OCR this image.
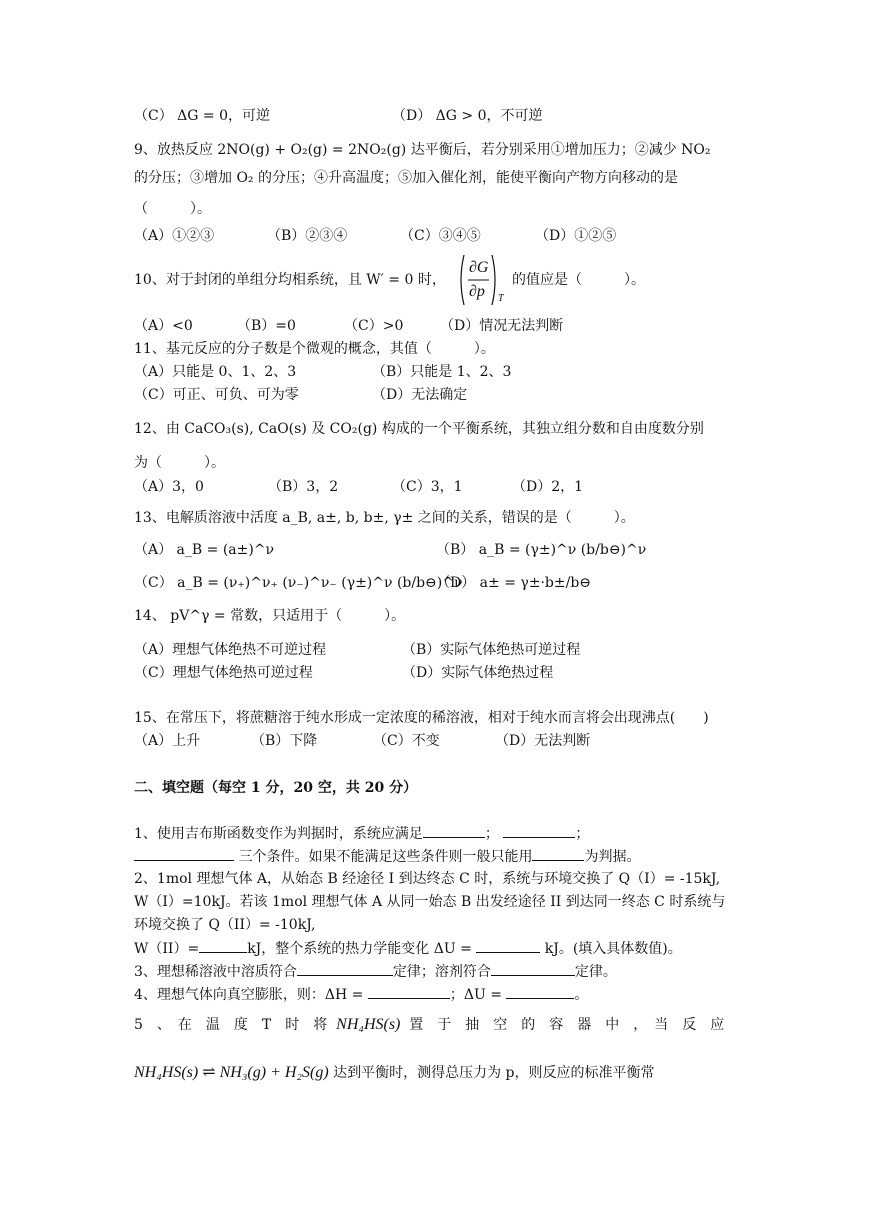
（C） ΔG = 0，可逆	（D） ΔG > 0，不可逆
9、放热反应 2NO(g) + O₂(g) = 2NO₂(g) 达平衡后，若分别采用①增加压力；②减少 NO₂
的分压；③增加 O₂ 的分压；④升高温度；⑤加入催化剂，能使平衡向产物方向移动的是
（　　　）。
（A）①②③	（B）②③④	（C）③④⑤	（D）①②⑤
10、对于封闭的单组分均相系统，且 W′ = 0 时，
∂G
∂p T
的值应是（　　　）。
（A）<0	（B）=0	（C）>0	（D）情况无法判断
11、基元反应的分子数是个微观的概念，其值（　　　）。
（A）只能是 0、1、2、3	（B）只能是 1、2、3
（C）可正、可负、可为零	（D）无法确定
12、由 CaCO₃(s), CaO(s) 及 CO₂(g) 构成的一个平衡系统，其独立组分数和自由度数分别
为（　　　）。
（A）3，0	（B）3，2	（C）3，1	（D）2，1
13、电解质溶液中活度 a_B, a±, b, b±, γ± 之间的关系，错误的是（　　　）。
（A） a_B = (a±)^ν	（B） a_B = (γ±)^ν (b/b⊖)^ν
（C） a_B = (ν₊)^ν₊ (ν₋)^ν₋ (γ±)^ν (b/b⊖)^ν
（D） a± = γ±·b±/b⊖
14、 pV^γ = 常数，只适用于（　　　）。
（A）理想气体绝热不可逆过程	（B）实际气体绝热可逆过程
（C）理想气体绝热可逆过程	（D）实际气体绝热过程
15、在常压下，将蔗糖溶于纯水形成一定浓度的稀溶液，相对于纯水而言将会出现沸点(　　)
（A）上升	（B）下降	（C）不变	（D）无法判断
二、填空题（每空 1 分，20 空，共 20 分）
1、使用吉布斯函数变作为判据时，系统应满足	；	；
三个条件。如果不能满足这些条件则一般只能用	为判据。
2、1mol 理想气体 A，从始态 B 经途径 I 到达终态 C 时，系统与环境交换了 Q（I）= -15kJ,
W（I）=10kJ。若该 1mol 理想气体 A 从同一始态 B 出发经途径 II 到达同一终态 C 时系统与
环境交换了 Q（II）= -10kJ,
W（II）=	kJ，整个系统的热力学能变化 ΔU =	kJ。(填入具体数值)。
3、理想稀溶液中溶质符合	定律；溶剂符合	定律。
4、理想气体向真空膨胀，则：ΔH =	；ΔU =	。
5　、　在　温　度　T　时　将 NH₄HS(s) 置　于　抽　空　的　容　器　中　，　当　反　应
NH₄HS(s) ⇌ NH₃(g) + H₂S(g) 达到平衡时，测得总压力为 p，则反应的标准平衡常
